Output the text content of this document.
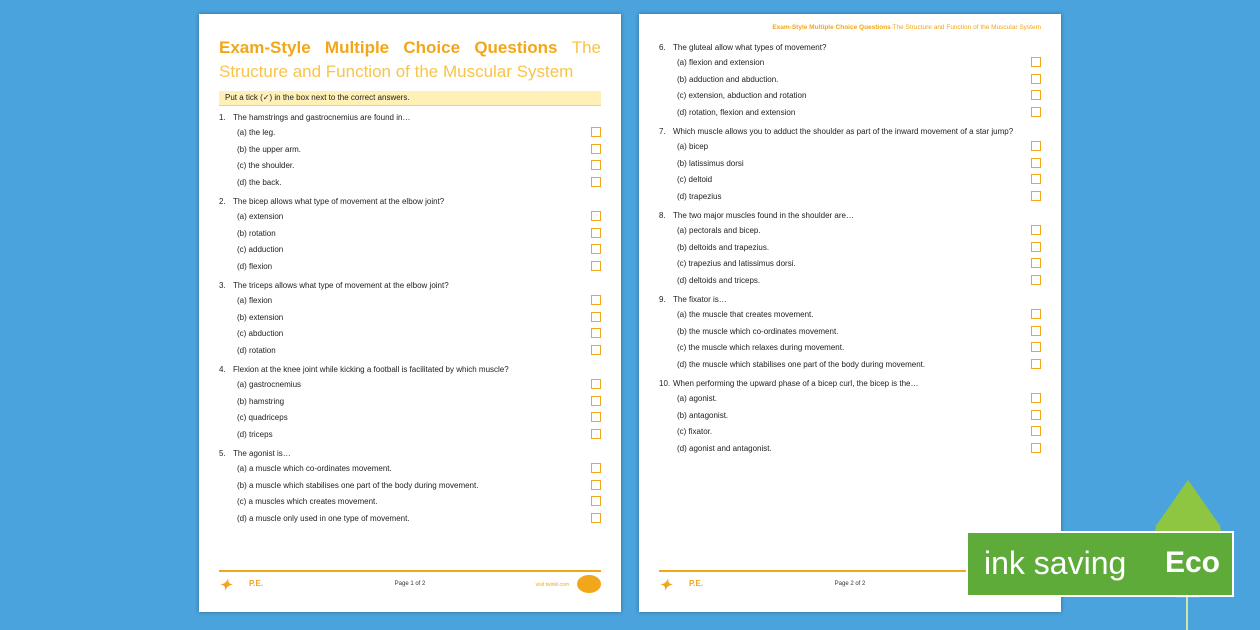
Exam-Style Multiple Choice Questions The Structure and Function of the Muscular System
Put a tick (✓) in the box next to the correct answers.
1. The hamstrings and gastrocnemius are found in…
(a) the leg.
(b) the upper arm.
(c) the shoulder.
(d) the back.
2. The bicep allows what type of movement at the elbow joint?
(a) extension
(b) rotation
(c) adduction
(d) flexion
3. The triceps allows what type of movement at the elbow joint?
(a) flexion
(b) extension
(c) abduction
(d) rotation
4. Flexion at the knee joint while kicking a football is facilitated by which muscle?
(a) gastrocnemius
(b) hamstring
(c) quadriceps
(d) triceps
5. The agonist is…
(a) a muscle which co-ordinates movement.
(b) a muscle which stabilises one part of the body during movement.
(c) a muscles which creates movement.
(d) a muscle only used in one type of movement.
✦	P.E.	Page 1 of 2	visit twinkl.com
Exam-Style Multiple Choice Questions The Structure and Function of the Muscular System
6. The gluteal allow what types of movement?
(a) flexion and extension
(b) adduction and abduction.
(c) extension, abduction and rotation
(d) rotation, flexion and extension
7. Which muscle allows you to adduct the shoulder as part of the inward movement of a star jump?
(a) bicep
(b) latissimus dorsi
(c) deltoid
(d) trapezius
8. The two major muscles found in the shoulder are…
(a) pectorals and bicep.
(b) deltoids and trapezius.
(c) trapezius and latissimus dorsi.
(d) deltoids and triceps.
9. The fixator is…
(a) the muscle that creates movement.
(b) the muscle which co-ordinates movement.
(c) the muscle which relaxes during movement.
(d) the muscle which stabilises one part of the body during movement.
10. When performing the upward phase of a bicep curl, the bicep is the…
(a) agonist.
(b) antagonist.
(c) fixator.
(d) agonist and antagonist.
✦	P.E.	Page 2 of 2
ink saving Eco
